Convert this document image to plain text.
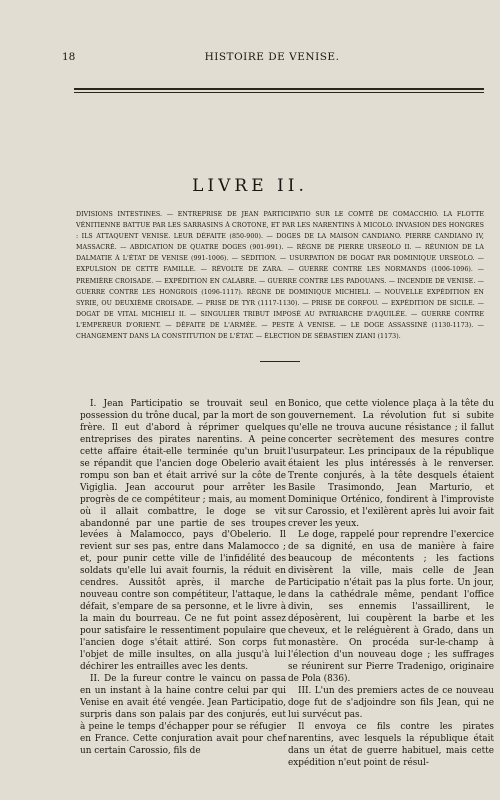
18	HISTOIRE DE VENISE.
LIVRE II.
DIVISIONS INTESTINES. — ENTREPRISE DE JEAN PARTICIPATIO SUR LE COMTÉ DE COMACCHIO. LA FLOTTE VÉNITIENNE BATTUE PAR LES SARRASINS À CROTONE, ET PAR LES NARENTINS À MICOLO. INVASION DES HONGRES : ILS ATTAQUENT VENISE. LEUR DÉFAITE (850-900). — DOGES DE LA MAISON CANDIANO. PIERRE CANDIANO IV, MASSACRÉ. — ABDICATION DE QUATRE DOGES (901-991). — RÈGNE DE PIERRE URSEOLO II. — RÉUNION DE LA DALMATIE À L'ÉTAT DE VENISE (991-1006). — SÉDITION. — USURPATION DE DOGAT PAR DOMINIQUE URSEOLO. — EXPULSION DE CETTE FAMILLE. — RÉVOLTE DE ZARA. — GUERRE CONTRE LES NORMANDS (1006-1096). — PREMIÈRE CROISADE. — EXPÉDITION EN CALABRE. — GUERRE CONTRE LES PADOUANS. — INCENDIE DE VENISE. — GUERRE CONTRE LES HONGROIS (1096-1117). RÈGNE DE DOMINIQUE MICHIELI. — NOUVELLE EXPÉDITION EN SYRIE, OU DEUXIÈME CROISADE. — PRISE DE TYR (1117-1130). — PRISE DE CORFOU. — EXPÉDITION DE SICILE. — DOGAT DE VITAL MICHIELI II. — SINGULIER TRIBUT IMPOSÉ AU PATRIARCHE D'AQUILÉE. — GUERRE CONTRE L'EMPEREUR D'ORIENT. — DÉFAITE DE L'ARMÉE. — PESTE À VENISE. — LE DOGE ASSASSINÉ (1130-1173). — CHANGEMENT DANS LA CONSTITUTION DE L'ÉTAT. — ÉLECTION DE SÉBASTIEN ZIANI (1173).

I. Jean Participatio se trouvait seul en possession du trône ducal, par la mort de son frère. Il eut d'abord à réprimer quelques entreprises des pirates narentins. A peine cette affaire était-elle terminée qu'un bruit se répandit que l'ancien doge Obelerio avait rompu son ban et était arrivé sur la côte de Vigiglia. Jean accourut pour arrêter les progrès de ce compétiteur ; mais, au moment où il allait combattre, le doge se vit abandonné par une partie de ses troupes levées à Malamocco, pays d'Obelerio. Il revient sur ses pas, entre dans Malamocco ; et, pour punir cette ville de l'infidélité des soldats qu'elle lui avait fournis, la réduit en cendres. Aussitôt après, il marche de nouveau contre son compétiteur, l'attaque, le défait, s'empare de sa personne, et le livre à la main du bourreau. Ce ne fut point assez pour satisfaire le ressentiment populaire que l'ancien doge s'était attiré. Son corps fut l'objet de mille insultes, on alla jusqu'à lui déchirer les entrailles avec les dents.

II. De la fureur contre le vaincu on passa en un instant à la haine contre celui par qui Venise en avait été vengée. Jean Participatio, surpris dans son palais par des conjurés, eut à peine le temps d'échapper pour se réfugier en France. Cette conjuration avait pour chef un certain Carossio, fils de

Bonico, que cette violence plaça à la tête du gouvernement. La révolution fut si subite qu'elle ne trouva aucune résistance ; il fallut concerter secrètement des mesures contre l'usurpateur. Les principaux de la république étaient les plus intéressés à le renverser. Trente conjurés, à la tête desquels étaient Basile Trasimondo, Jean Marturio, et Dominique Orténico, fondirent à l'improviste sur Carossio, et l'exilèrent après lui avoir fait crever les yeux.

Le doge, rappelé pour reprendre l'exercice de sa dignité, en usa de manière à faire beaucoup de mécontents ; les factions divisèrent la ville, mais celle de Jean Participatio n'était pas la plus forte. Un jour, dans la cathédrale même, pendant l'office divin, ses ennemis l'assaillirent, le déposèrent, lui coupèrent la barbe et les cheveux, et le reléguèrent à Grado, dans un monastère. On procéda sur-le-champ à l'élection d'un nouveau doge ; les suffrages se réunirent sur Pierre Tradenigo, originaire de Pola (836).

III. L'un des premiers actes de ce nouveau doge fut de s'adjoindre son fils Jean, qui ne lui survécut pas.

Il envoya ce fils contre les pirates narentins, avec lesquels la république était dans un état de guerre habituel, mais cette expédition n'eut point de résul-
